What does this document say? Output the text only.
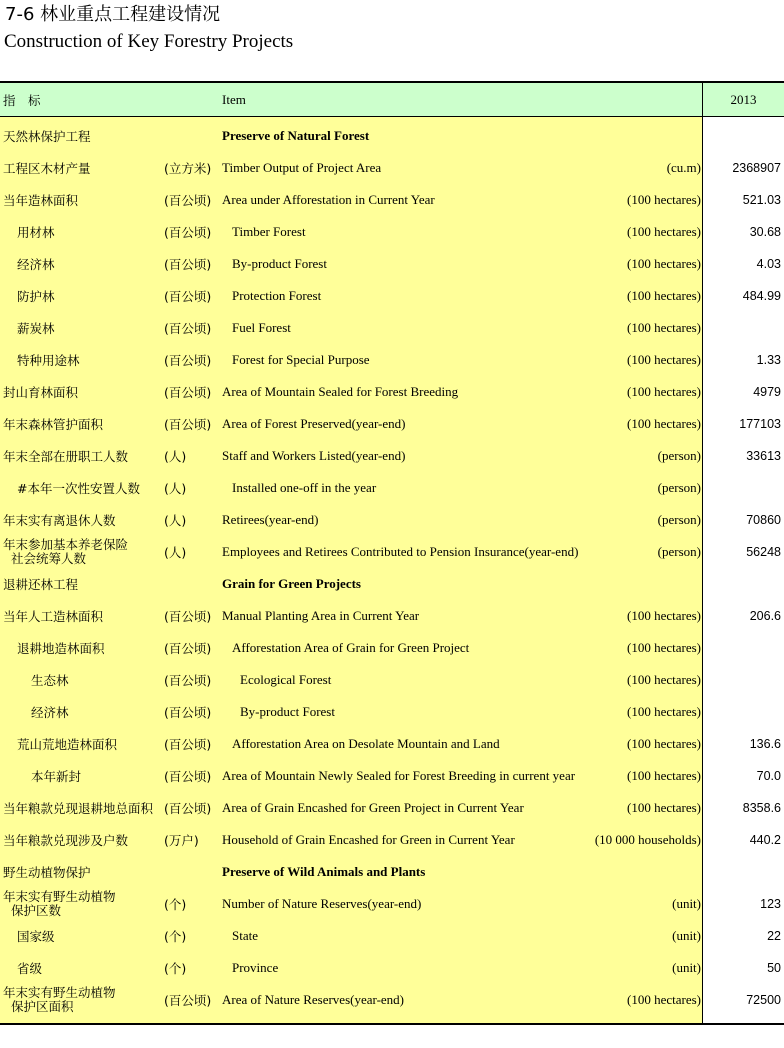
7-6 林业重点工程建设情况
Construction of Key Forestry Projects
指　标	Item	2013
天然林保护工程	Preserve of Natural Forest
工程区木材产量	(立方米) Timber Output of Project Area	(cu.m)	2368907
当年造林面积	(百公顷) Area under Afforestation in Current Year	(100 hectares)	521.03
用材林	(百公顷)	Timber Forest	(100 hectares)	30.68
经济林	(百公顷)	By-product Forest	(100 hectares)	4.03
防护林	(百公顷)	Protection Forest	(100 hectares)	484.99
薪炭林	(百公顷)	Fuel Forest	(100 hectares)
特种用途林	(百公顷)	Forest for Special Purpose	(100 hectares)	1.33
封山育林面积	(百公顷) Area of Mountain Sealed for Forest Breeding	(100 hectares)	4979
年末森林管护面积	(百公顷) Area of Forest Preserved(year-end)	(100 hectares)	177103
年末全部在册职工人数	(人)	Staff and Workers Listed(year-end)	(person)	33613
#本年一次性安置人数 (人)	Installed one-off in the year	(person)
年末实有离退休人数	(人)	Retirees(year-end)	(person)	70860
年末参加基本养老保险
社会统筹人数	(人)	Employees and Retirees Contributed to Pension Insurance(year-end)	(person)	56248
退耕还林工程	Grain for Green Projects
当年人工造林面积	(百公顷) Manual Planting Area in Current Year	(100 hectares)	206.6
退耕地造林面积	(百公顷)	Afforestation Area of Grain for Green Project	(100 hectares)
生态林	(百公顷)	Ecological Forest	(100 hectares)
经济林	(百公顷)	By-product Forest	(100 hectares)
荒山荒地造林面积	(百公顷)	Afforestation Area on Desolate Mountain and Land	(100 hectares)	136.6
本年新封	(百公顷) Area of Mountain Newly Sealed for Forest Breeding in current year	(100 hectares)	70.0
当年粮款兑现退耕地总面积 (百公顷) Area of Grain Encashed for Green Project in Current Year	(100 hectares)	8358.6
当年粮款兑现涉及户数	(万户) Household of Grain Encashed for Green in Current Year	(10 000 households)	440.2
野生动植物保护	Preserve of Wild Animals and Plants
年末实有野生动植物
保护区数	(个)	Number of Nature Reserves(year-end)	(unit)	123
国家级	(个)	State	(unit)	22
省级	(个)	Province	(unit)	50
年末实有野生动植物
保护区面积	(百公顷) Area of Nature Reserves(year-end)	(100 hectares)	72500
